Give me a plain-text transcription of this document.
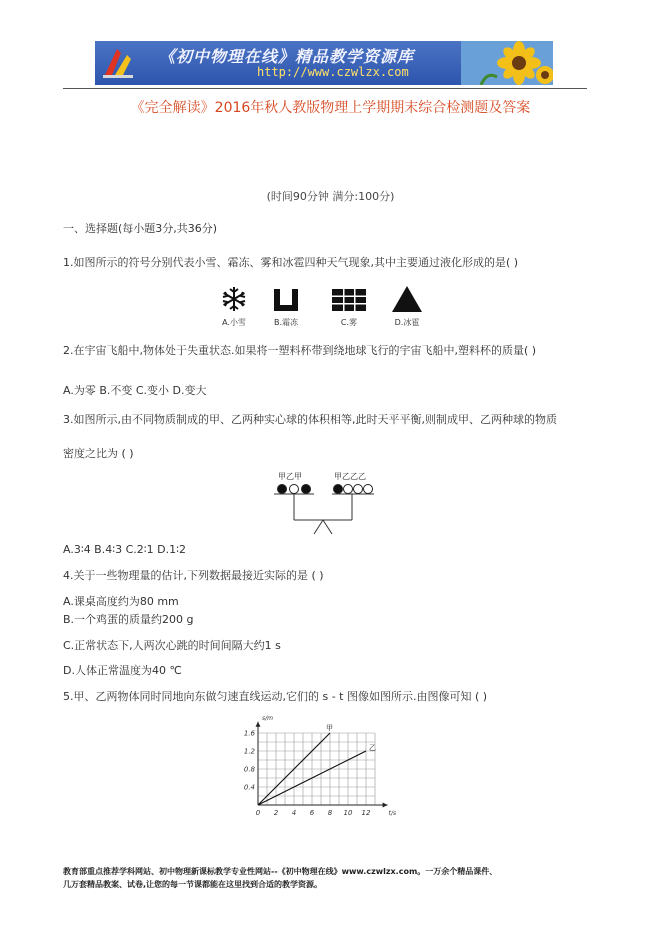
《初中物理在线》精品教学资源库
http://www.czwlzx.com
《完全解读》2016年秋人教版物理上学期期末综合检测题及答案
(时间90分钟 满分:100分)
一、选择题(每小题3分,共36分)
1.如图所示的符号分别代表小雪、霜冻、雾和冰雹四种天气现象,其中主要通过液化形成的是( )
A.小雪	B.霜冻	C.雾	D.冰雹
2.在宇宙飞船中,物体处于失重状态.如果将一塑料杯带到绕地球飞行的宇宙飞船中,塑料杯的质量( )
A.为零 B.不变 C.变小 D.变大
3.如图所示,由不同物质制成的甲、乙两种实心球的体积相等,此时天平平衡,则制成甲、乙两种球的物质
密度之比为 ( )
甲乙甲	甲乙乙乙
A.3∶4 B.4∶3 C.2∶1 D.1∶2
4.关于一些物理量的估计,下列数据最接近实际的是 ( )
A.课桌高度约为80 mm
B.一个鸡蛋的质量约200 g
C.正常状态下,人两次心跳的时间间隔大约1 s
D.人体正常温度为40 ℃
5.甲、乙两物体同时同地向东做匀速直线运动,它们的 s - t 图像如图所示.由图像可知 ( )
0 2 4 6 8 10 12
0.4
0.8
1.2
1.6
s/m
t/s
甲
乙
教育部重点推荐学科网站、初中物理新课标教学专业性网站--《初中物理在线》www.czwlzx.com。一万余个精品课件、
几万套精品教案、试卷,让您的每一节课都能在这里找到合适的教学资源。
